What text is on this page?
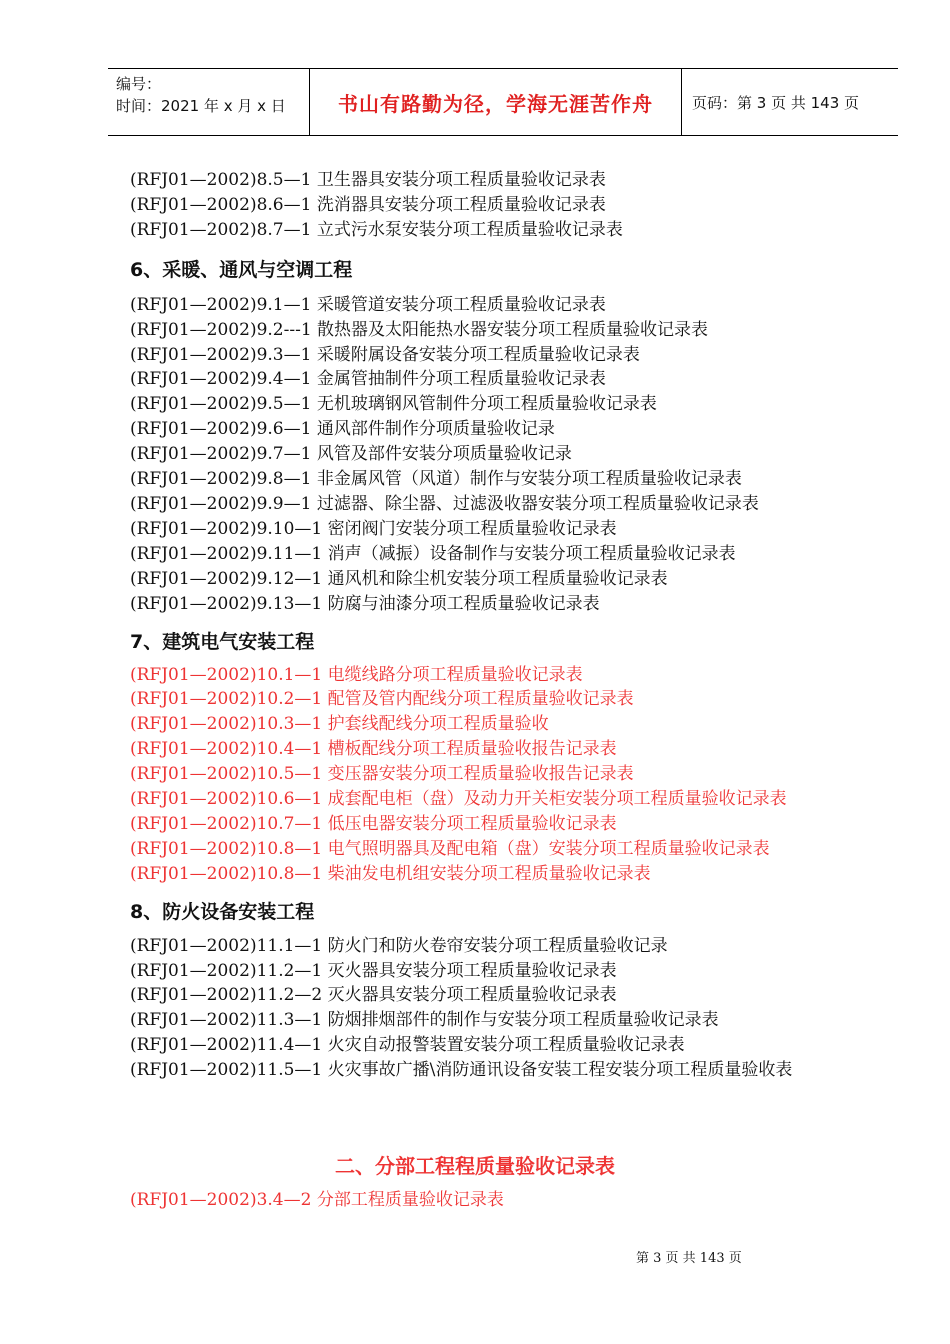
编号：
时间：2021 年 x 月 x 日	书山有路勤为径，学海无涯苦作舟	页码：第 3 页 共 143 页
(RFJ01—2002)8.5—1 卫生器具安装分项工程质量验收记录表
(RFJ01—2002)8.6—1 洗消器具安装分项工程质量验收记录表
(RFJ01—2002)8.7—1 立式污水泵安装分项工程质量验收记录表
6、采暖、通风与空调工程
(RFJ01—2002)9.1—1 采暖管道安装分项工程质量验收记录表
(RFJ01—2002)9.2---1 散热器及太阳能热水器安装分项工程质量验收记录表
(RFJ01—2002)9.3—1 采暖附属设备安装分项工程质量验收记录表
(RFJ01—2002)9.4—1 金属管抽制件分项工程质量验收记录表
(RFJ01—2002)9.5—1 无机玻璃钢风管制件分项工程质量验收记录表
(RFJ01—2002)9.6—1 通风部件制作分项质量验收记录
(RFJ01—2002)9.7—1 风管及部件安装分项质量验收记录
(RFJ01—2002)9.8—1 非金属风管（风道）制作与安装分项工程质量验收记录表
(RFJ01—2002)9.9—1 过滤器、除尘器、过滤汲收器安装分项工程质量验收记录表
(RFJ01—2002)9.10—1 密闭阀门安装分项工程质量验收记录表
(RFJ01—2002)9.11—1 消声（减振）设备制作与安装分项工程质量验收记录表
(RFJ01—2002)9.12—1 通风机和除尘机安装分项工程质量验收记录表
(RFJ01—2002)9.13—1 防腐与油漆分项工程质量验收记录表
7、建筑电气安装工程
(RFJ01—2002)10.1—1 电缆线路分项工程质量验收记录表
(RFJ01—2002)10.2—1 配管及管内配线分项工程质量验收记录表
(RFJ01—2002)10.3—1 护套线配线分项工程质量验收
(RFJ01—2002)10.4—1 槽板配线分项工程质量验收报告记录表
(RFJ01—2002)10.5—1 变压器安装分项工程质量验收报告记录表
(RFJ01—2002)10.6—1 成套配电柜（盘）及动力开关柜安装分项工程质量验收记录表
(RFJ01—2002)10.7—1 低压电器安装分项工程质量验收记录表
(RFJ01—2002)10.8—1 电气照明器具及配电箱（盘）安装分项工程质量验收记录表
(RFJ01—2002)10.8—1 柴油发电机组安装分项工程质量验收记录表
8、防火设备安装工程
(RFJ01—2002)11.1—1 防火门和防火卷帘安装分项工程质量验收记录
(RFJ01—2002)11.2—1 灭火器具安装分项工程质量验收记录表
(RFJ01—2002)11.2—2 灭火器具安装分项工程质量验收记录表
(RFJ01—2002)11.3—1 防烟排烟部件的制作与安装分项工程质量验收记录表
(RFJ01—2002)11.4—1 火灾自动报警装置安装分项工程质量验收记录表
(RFJ01—2002)11.5—1 火灾事故广播\消防通讯设备安装工程安装分项工程质量验收表
二、分部工程程质量验收记录表
(RFJ01—2002)3.4—2 分部工程质量验收记录表
第 3 页 共 143 页
